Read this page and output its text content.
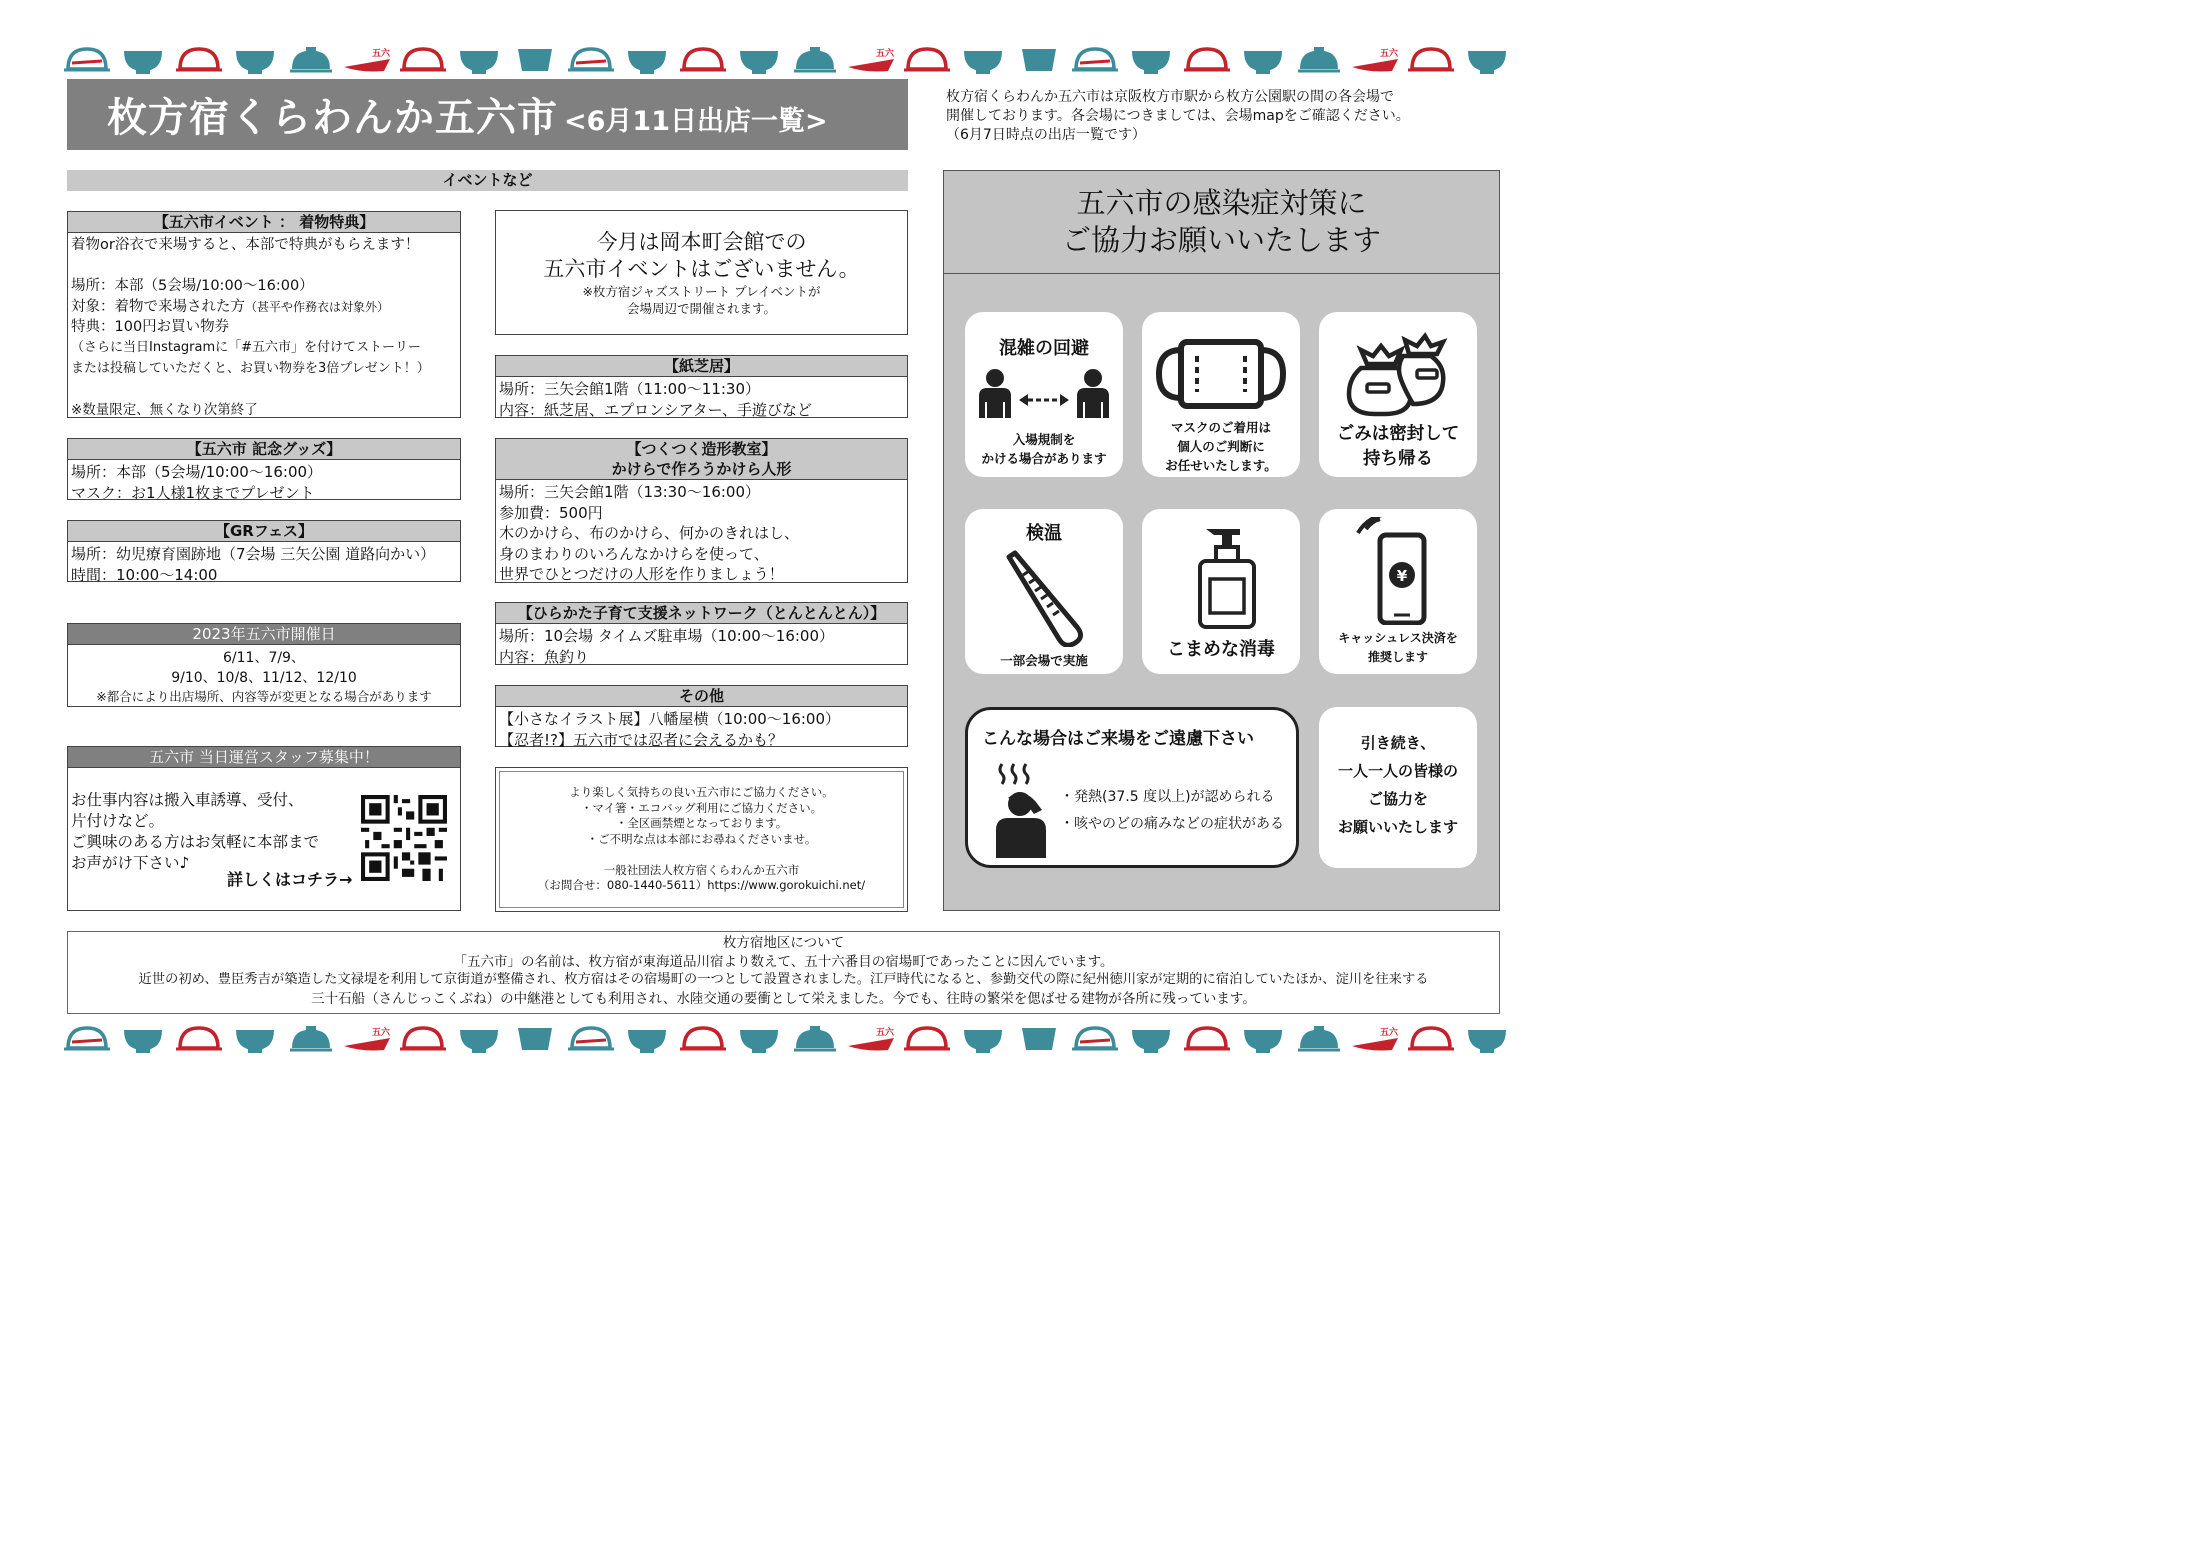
五六	五六	五六
五六	五六	五六
枚方宿くらわんか五六市 <6月11日出店一覧>
枚方宿くらわんか五六市は京阪枚方市駅から枚方公園駅の間の各会場で
開催しております。各会場につきましては、会場mapをご確認ください。
（6月7日時点の出店一覧です）
イベントなど
【五六市イベント ： 着物特典】
着物or浴衣で来場すると、本部で特典がもらえます！

場所：本部（5会場/10:00～16:00）
対象：着物で来場された方（甚平や作務衣は対象外）
特典：100円お買い物券
（さらに当日Instagramに「#五六市」を付けてストーリー
または投稿していただくと、お買い物券を3倍プレゼント！）

※数量限定、無くなり次第終了
【五六市 記念グッズ】
場所：本部（5会場/10:00～16:00）
マスク：お1人様1枚までプレゼント
【GRフェス】
場所：幼児療育園跡地（7会場 三矢公園 道路向かい）
時間：10:00～14:00
2023年五六市開催日
6/11、7/9、
9/10、10/8、11/12、12/10
※都合により出店場所、内容等が変更となる場合があります
五六市 当日運営スタッフ募集中！
お仕事内容は搬入車誘導、受付、
片付けなど。
ご興味のある方はお気軽に本部まで
お声がけ下さい♪
詳しくはコチラ→
今月は岡本町会館での
五六市イベントはございません。
※枚方宿ジャズストリート プレイベントが
会場周辺で開催されます。
【紙芝居】
場所：三矢会館1階（11:00～11:30）
内容：紙芝居、エプロンシアター、手遊びなど
【つくつく造形教室】
かけらで作ろうかけら人形
場所：三矢会館1階（13:30～16:00）
参加費：500円
木のかけら、布のかけら、何かのきれはし、
身のまわりのいろんなかけらを使って、
世界でひとつだけの人形を作りましょう！
【ひらかた子育て支援ネットワーク（とんとんとん）】
場所：10会場 タイムズ駐車場（10:00～16:00）
内容：魚釣り
その他
【小さなイラスト展】八幡屋横（10:00～16:00）
【忍者!?】五六市では忍者に会えるかも？
より楽しく気持ちの良い五六市にご協力ください。
・マイ箸・エコバッグ利用にご協力ください。
・全区画禁煙となっております。
・ご不明な点は本部にお尋ねくださいませ。

一般社団法人枚方宿くらわんか五六市
（お問合せ：080-1440-5611）https://www.gorokuichi.net/
五六市の感染症対策に
ご協力お願いいたします
混雑の回避
入場規制を
かける場合があります
マスクのご着用は
個人のご判断に
お任せいたします。
ごみは密封して
持ち帰る
検温
一部会場で実施
こまめな消毒
¥
キャッシュレス決済を
推奨します
こんな場合はご来場をご遠慮下さい
・発熱(37.5 度以上)が認められる
・咳やのどの痛みなどの症状がある
引き続き、
一人一人の皆様の
ご協力を
お願いいたします
枚方宿地区について
「五六市」の名前は、枚方宿が東海道品川宿より数えて、五十六番目の宿場町であったことに因んでいます。
近世の初め、豊臣秀吉が築造した文禄堤を利用して京街道が整備され、枚方宿はその宿場町の一つとして設置されました。江戸時代になると、参勤交代の際に紀州徳川家が定期的に宿泊していたほか、淀川を往来する
三十石船（さんじっこくぶね）の中継港としても利用され、水陸交通の要衝として栄えました。今でも、往時の繁栄を偲ばせる建物が各所に残っています。
